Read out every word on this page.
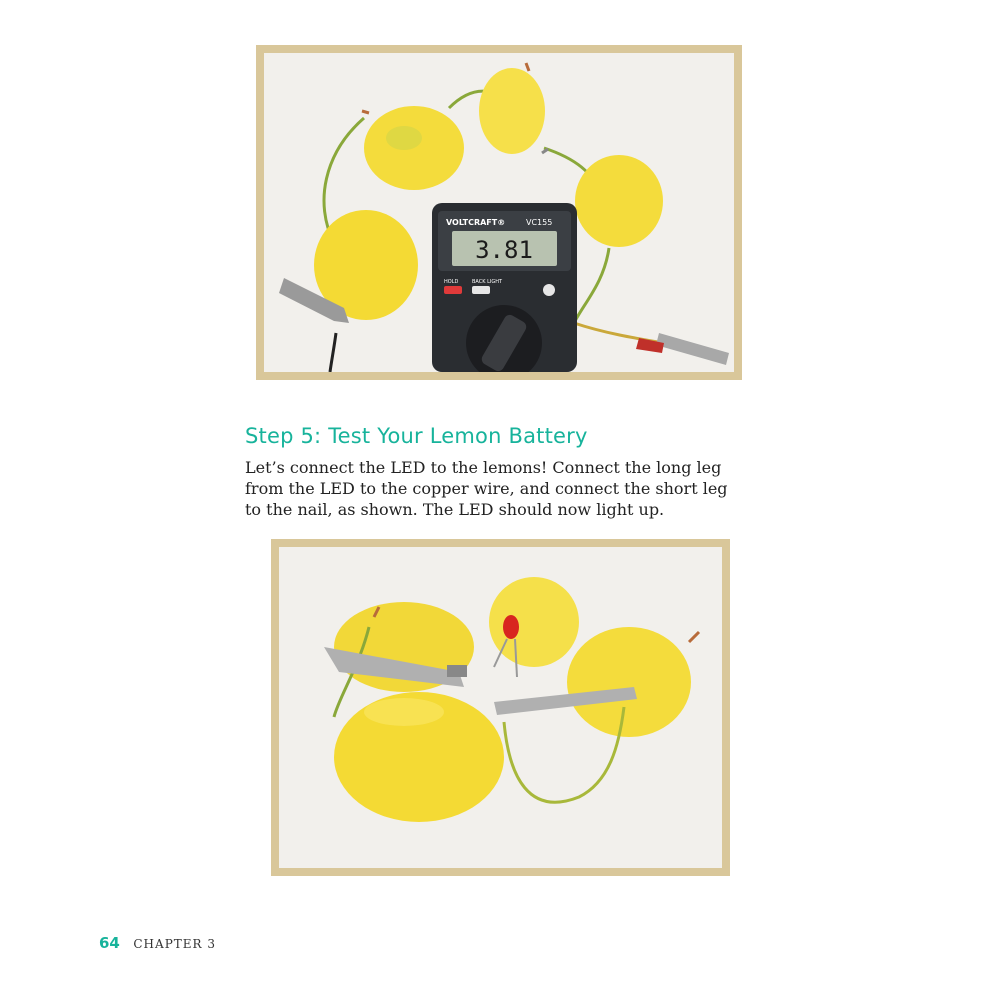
VOLTCRAFT®	VC155
3.81
HOLD	BACK LIGHT
Step 5: Test Your Lemon Battery

Let’s connect the LED to the lemons! Connect the long leg

from the LED to the copper wire, and connect the short leg

to the nail, as shown. The LED should now light up.

64 CHAPTER 3
